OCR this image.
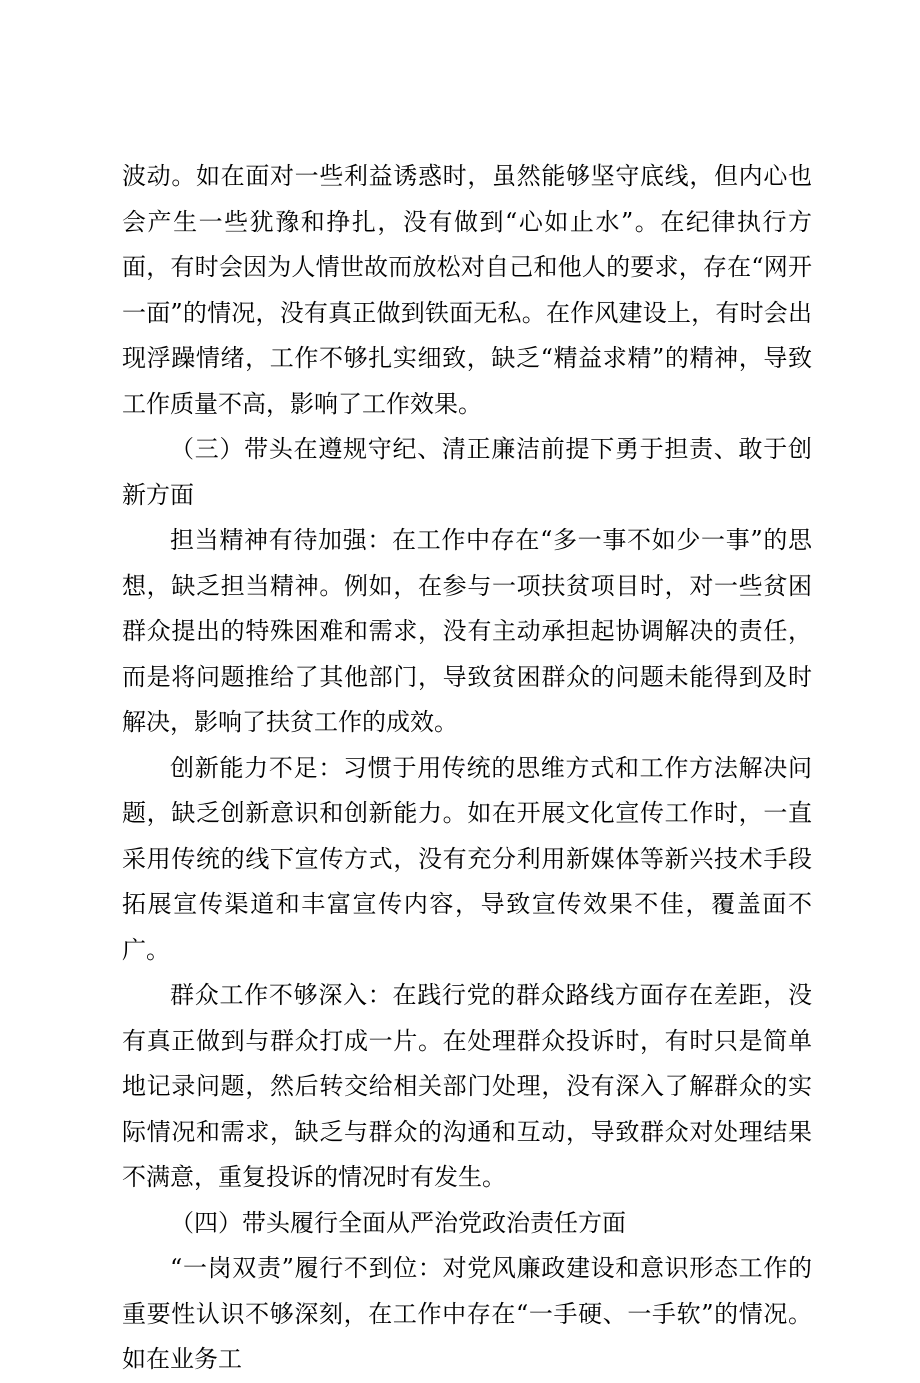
波动。如在面对一些利益诱惑时，虽然能够坚守底线，但内心也会产生一些犹豫和挣扎，没有做到“心如止水”。在纪律执行方面，有时会因为人情世故而放松对自己和他人的要求，存在“网开一面”的情况，没有真正做到铁面无私。在作风建设上，有时会出现浮躁情绪，工作不够扎实细致，缺乏“精益求精”的精神，导致工作质量不高，影响了工作效果。

（三）带头在遵规守纪、清正廉洁前提下勇于担责、敢于创新方面

担当精神有待加强：在工作中存在“多一事不如少一事”的思想，缺乏担当精神。例如，在参与一项扶贫项目时，对一些贫困群众提出的特殊困难和需求，没有主动承担起协调解决的责任，而是将问题推给了其他部门，导致贫困群众的问题未能得到及时解决，影响了扶贫工作的成效。

创新能力不足：习惯于用传统的思维方式和工作方法解决问题，缺乏创新意识和创新能力。如在开展文化宣传工作时，一直采用传统的线下宣传方式，没有充分利用新媒体等新兴技术手段拓展宣传渠道和丰富宣传内容，导致宣传效果不佳，覆盖面不广。

群众工作不够深入：在践行党的群众路线方面存在差距，没有真正做到与群众打成一片。在处理群众投诉时，有时只是简单地记录问题，然后转交给相关部门处理，没有深入了解群众的实际情况和需求，缺乏与群众的沟通和互动，导致群众对处理结果不满意，重复投诉的情况时有发生。

（四）带头履行全面从严治党政治责任方面

“一岗双责”履行不到位：对党风廉政建设和意识形态工作的重要性认识不够深刻，在工作中存在“一手硬、一手软”的情况。如在业务工
